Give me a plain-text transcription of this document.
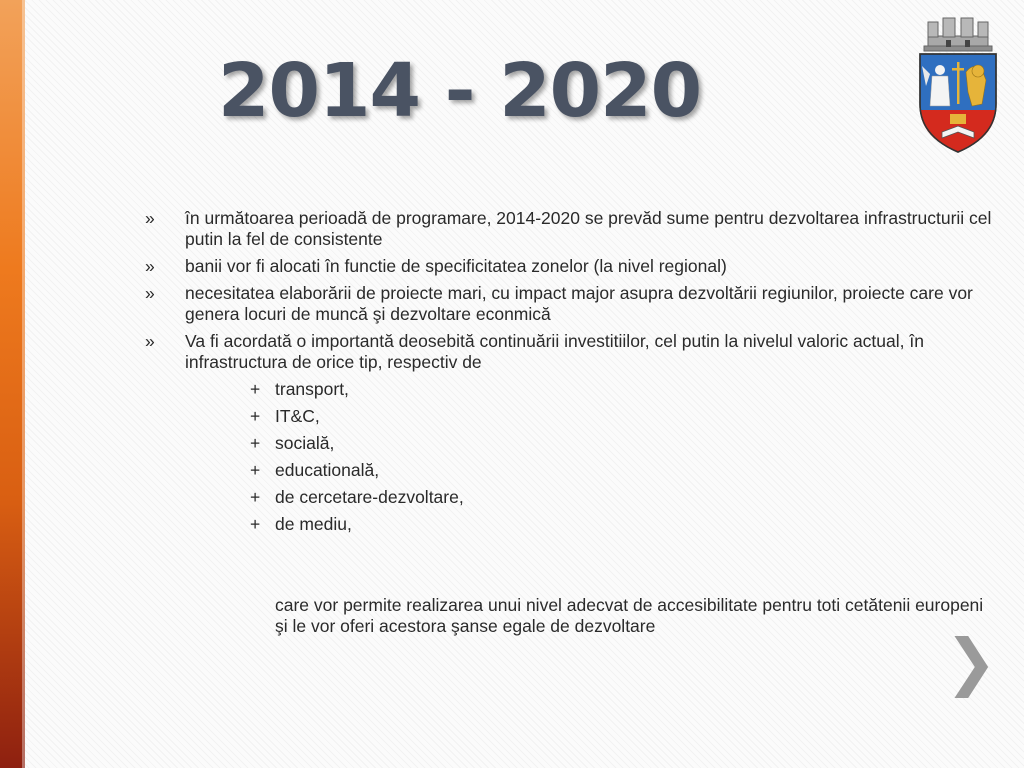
2014 - 2020
»	în următoarea perioadă de programare, 2014-2020 se prevăd sume pentru dezvoltarea infrastructurii cel putin la fel de consistente
»	banii vor fi alocati în functie de specificitatea zonelor (la nivel regional)
»	necesitatea elaborării de proiecte mari, cu impact major asupra dezvoltării regiunilor, proiecte care vor genera locuri de muncă şi dezvoltare econmică
»	Va fi acordată o importantă deosebită continuării investitiilor, cel putin la nivelul valoric actual, în infrastructura de orice tip, respectiv de
+ transport,
+ IT&C,
+ socială,
+ educatională,
+ de cercetare-dezvoltare,
+ de mediu,

care vor permite realizarea unui nivel adecvat de accesibilitate pentru toti cetătenii europeni şi le vor oferi acestora şanse egale de dezvoltare	❯
